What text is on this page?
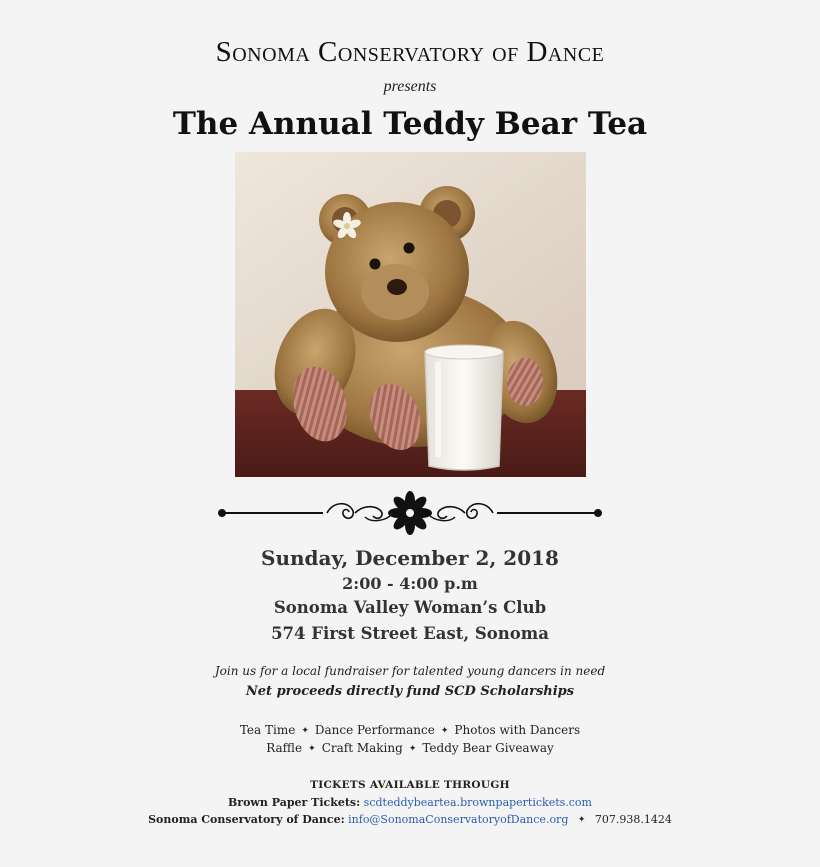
Sonoma Conservatory of Dance
presents
The Annual Teddy Bear Tea
Sunday, December 2, 2018
2:00 - 4:00 p.m
Sonoma Valley Woman’s Club
574 First Street East, Sonoma
Join us for a local fundraiser for talented young dancers in need
Net proceeds directly fund SCD Scholarships
Tea Time ✦ Dance Performance ✦ Photos with Dancers
Raffle ✦ Craft Making ✦ Teddy Bear Giveaway
TICKETS AVAILABLE THROUGH
Brown Paper Tickets: scdteddybeartea.brownpapertickets.com
Sonoma Conservatory of Dance: info@SonomaConservatoryofDance.org ✦ 707.938.1424
